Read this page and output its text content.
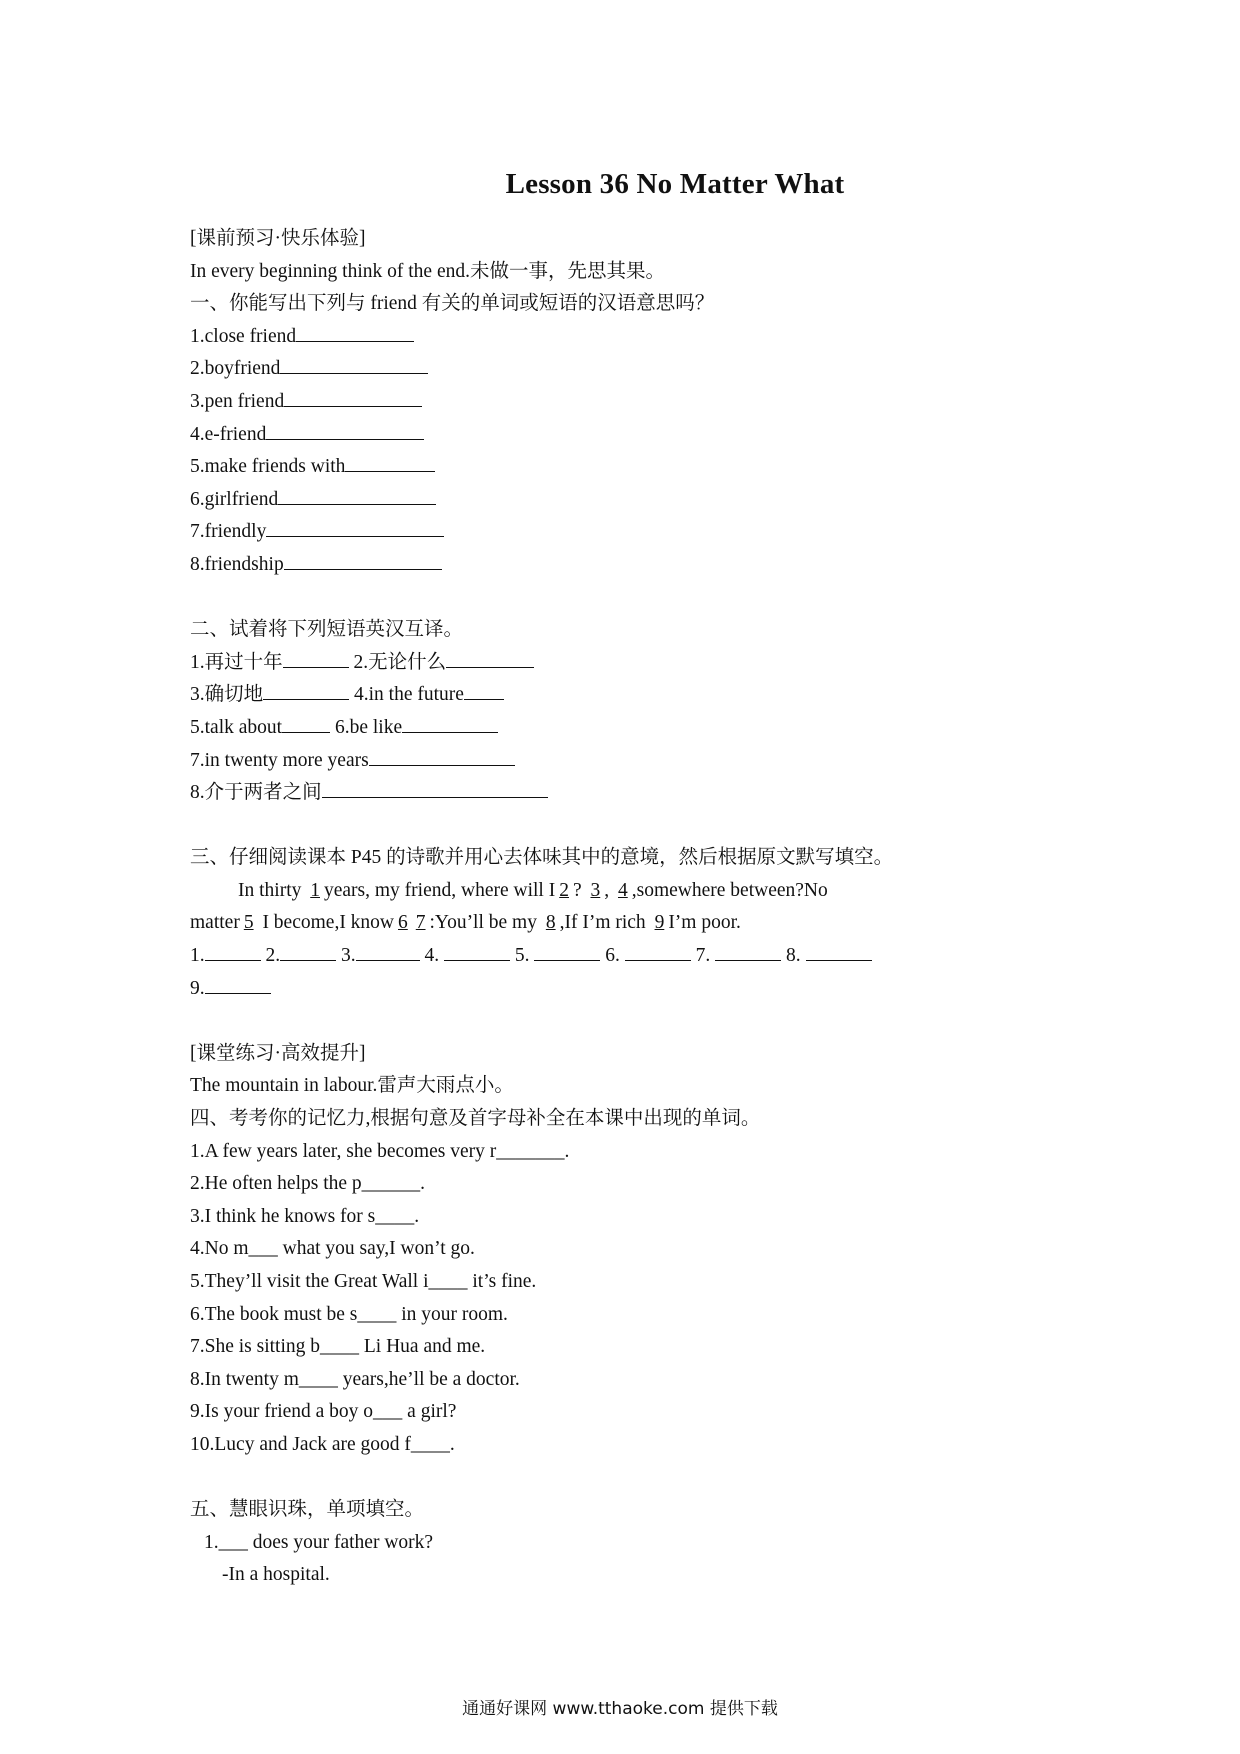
Lesson 36 No Matter What
[课前预习·快乐体验]
In every beginning think of the end.未做一事，先思其果。
一、你能写出下列与 friend 有关的单词或短语的汉语意思吗？
1.close friend
2.boyfriend
3.pen friend
4.e-friend
5.make friends with
6.girlfriend
7.friendly
8.friendship
二、试着将下列短语英汉互译。
1.再过十年	2.无论什么
3.确切地	4.in the future
5.talk about	6.be like
7.in twenty more years
8.介于两者之间
三、仔细阅读课本 P45 的诗歌并用心去体味其中的意境，然后根据原文默写填空。
In thirty 1 years, my friend, where will I 2 ? 3 , 4 ,somewhere between?No
matter 5 I become,I know 6 7 :You’ll be my 8 ,If I’m rich 9 I’m poor.
1.	2.	3.	4.	5.	6.	7.	8.
9.
[课堂练习·高效提升]
The mountain in labour.雷声大雨点小。
四、考考你的记忆力,根据句意及首字母补全在本课中出现的单词。
1.A few years later, she becomes very r_______.
2.He often helps the p______.
3.I think he knows for s____.
4.No m___ what you say,I won’t go.
5.They’ll visit the Great Wall i____ it’s fine.
6.The book must be s____ in your room.
7.She is sitting b____ Li Hua and me.
8.In twenty m____ years,he’ll be a doctor.
9.Is your friend a boy o___ a girl?
10.Lucy and Jack are good f____.
五、慧眼识珠，单项填空。
1.___ does your father work?
-In a hospital.
通通好课网 www.tthaoke.com 提供下载
